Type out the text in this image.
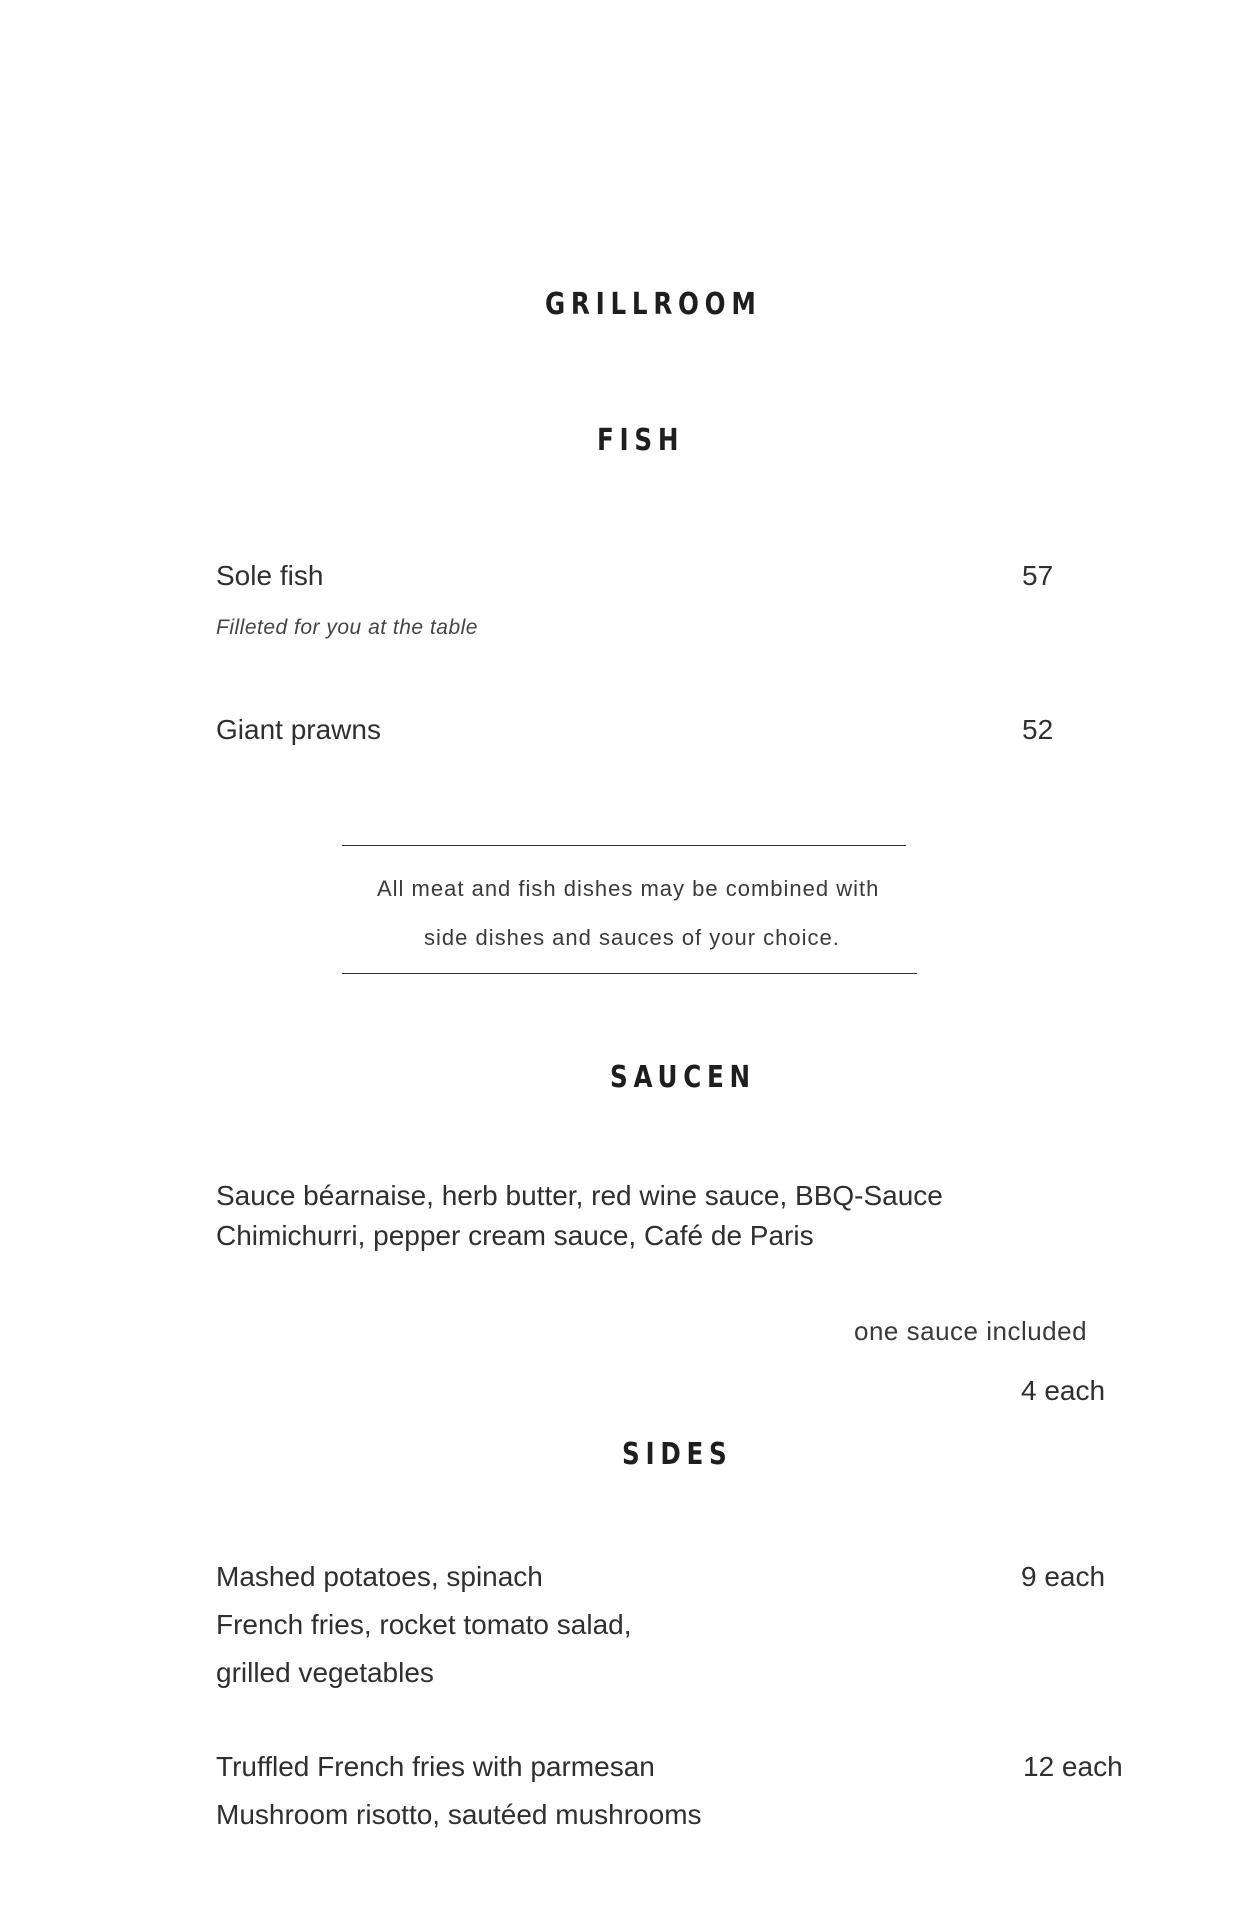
GRILLROOM
FISH
Sole fish	57
Filleted for you at the table
Giant prawns	52
All meat and fish dishes may be combined with
side dishes and sauces of your choice.
SAUCEN
Sauce béarnaise, herb butter, red wine sauce, BBQ-Sauce
Chimichurri, pepper cream sauce, Café de Paris
one sauce included
4 each
SIDES
Mashed potatoes, spinach	9 each
French fries, rocket tomato salad,
grilled vegetables
Truffled French fries with parmesan	12 each
Mushroom risotto, sautéed mushrooms
